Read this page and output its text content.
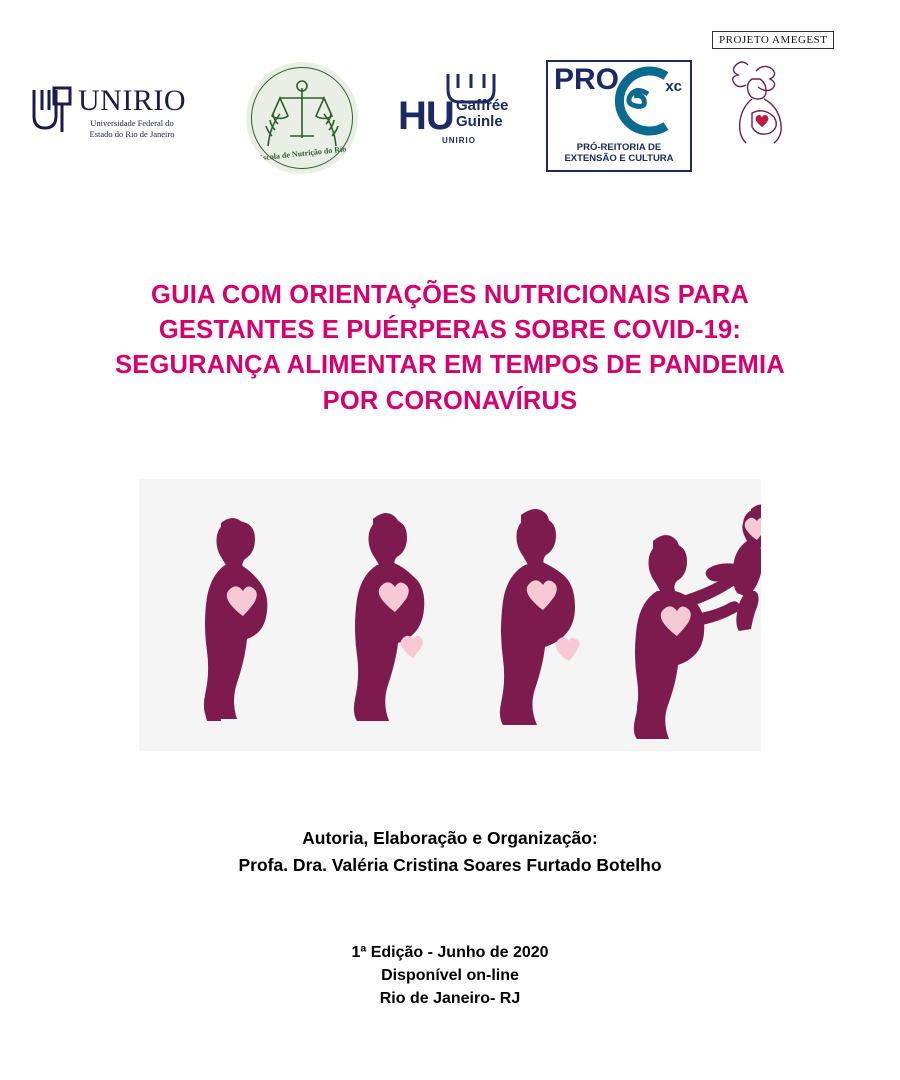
UNIRIO
Universidade Federal do
Estado do Rio de Janeiro
Escola de Nutrição do Rio
HU Gaffrée
Guinle
UNIRIO
PRO	xc
PRÓ-REITORIA DE
EXTENSÃO E CULTURA
PROJETO AMEGEST
GUIA COM ORIENTAÇÕES NUTRICIONAIS PARA
GESTANTES E PUÉRPERAS SOBRE COVID-19:
SEGURANÇA ALIMENTAR EM TEMPOS DE PANDEMIA
POR CORONAVÍRUS
Autoria, Elaboração e Organização:
Profa. Dra. Valéria Cristina Soares Furtado Botelho
1ª Edição - Junho de 2020
Disponível on-line
Rio de Janeiro- RJ
